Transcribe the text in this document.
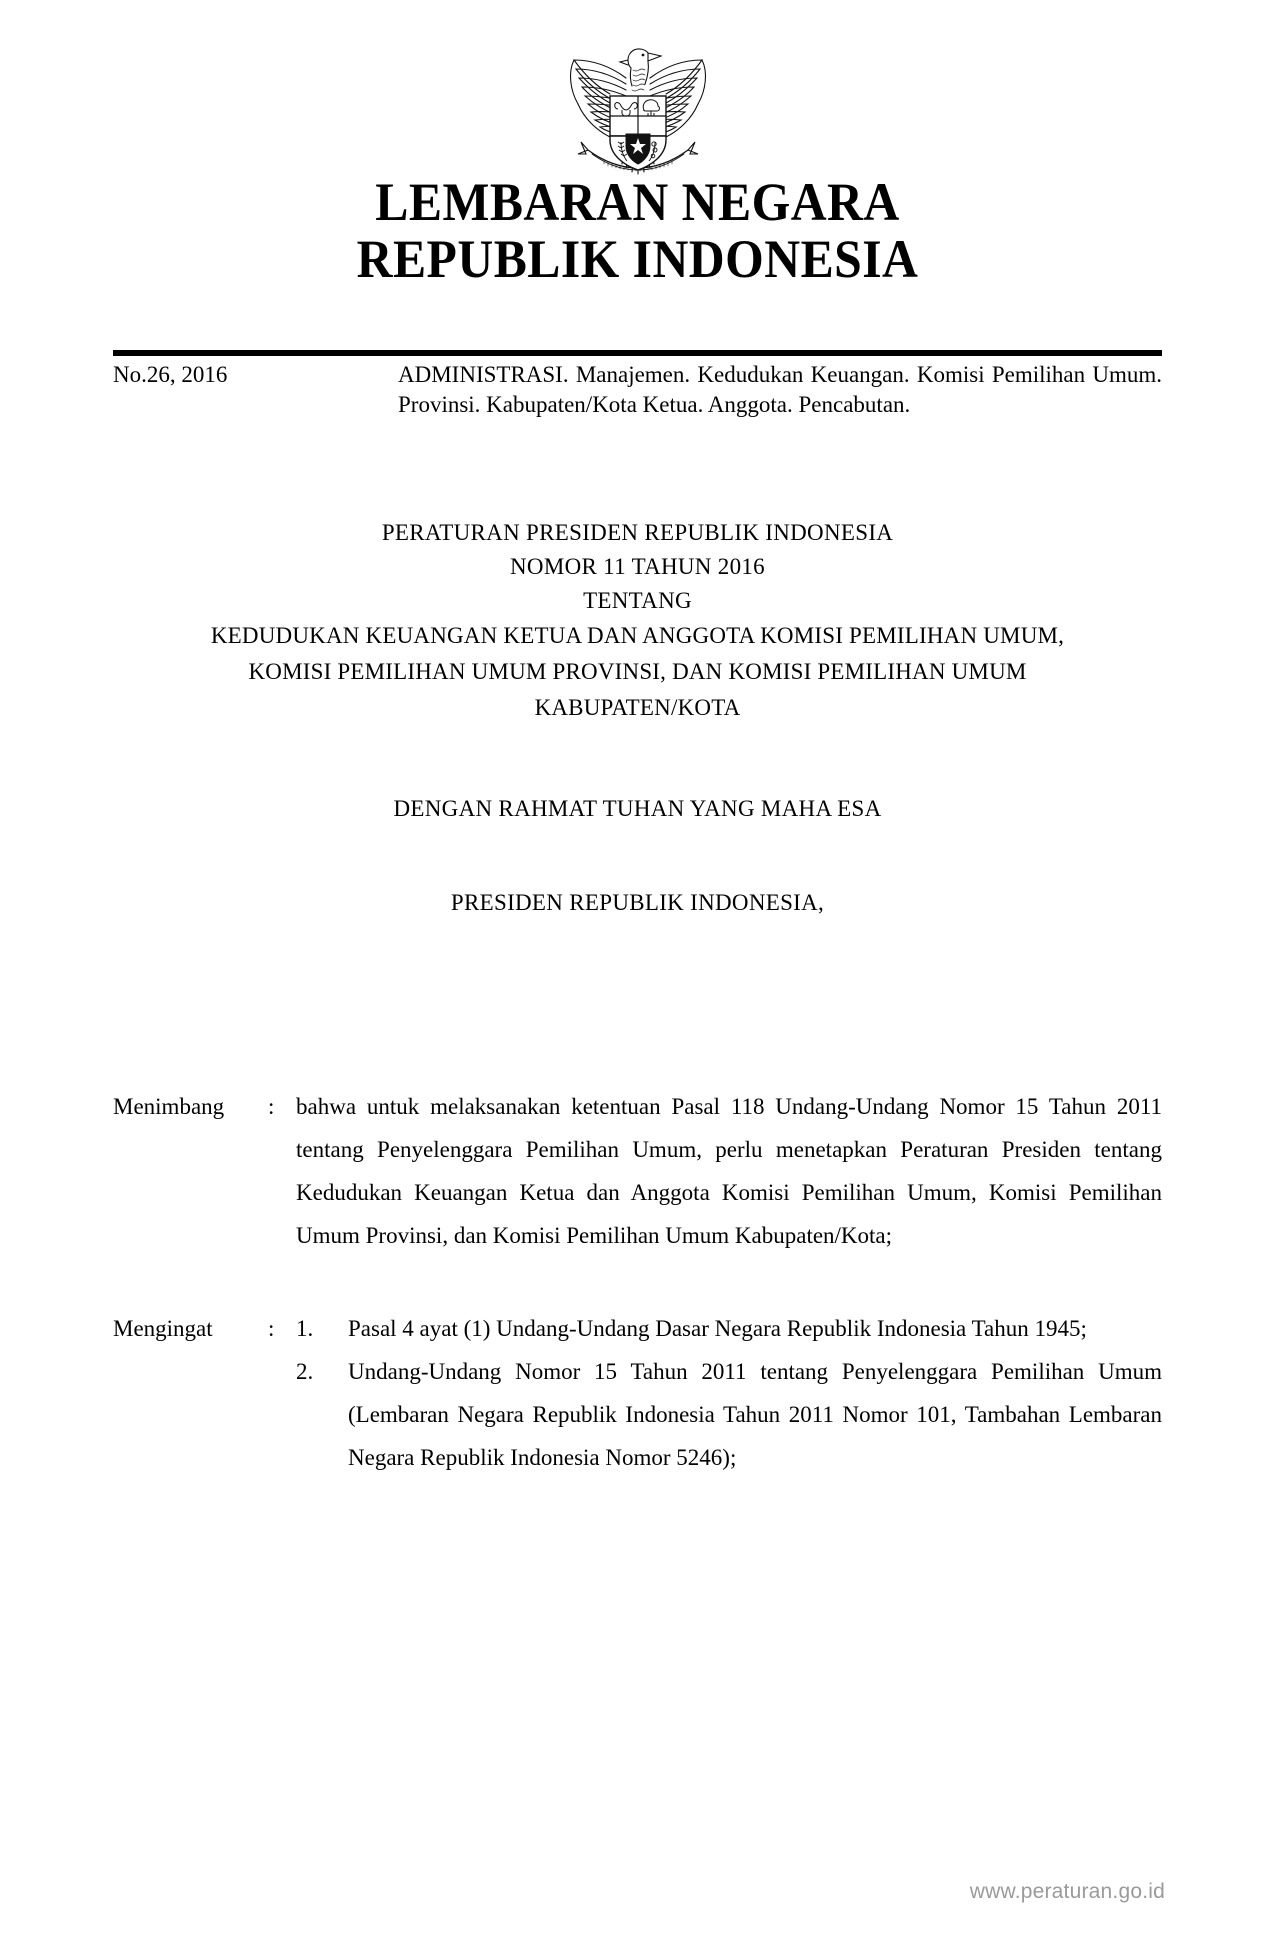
LEMBARAN NEGARA
REPUBLIK INDONESIA
No.26, 2016	ADMINISTRASI. Manajemen. Kedudukan Keuangan. Komisi Pemilihan Umum. Provinsi. Kabupaten/Kota Ketua. Anggota. Pencabutan.
PERATURAN PRESIDEN REPUBLIK INDONESIA
NOMOR 11 TAHUN 2016
TENTANG
KEDUDUKAN KEUANGAN KETUA DAN ANGGOTA KOMISI PEMILIHAN UMUM,
KOMISI PEMILIHAN UMUM PROVINSI, DAN KOMISI PEMILIHAN UMUM
KABUPATEN/KOTA
DENGAN RAHMAT TUHAN YANG MAHA ESA
PRESIDEN REPUBLIK INDONESIA,
Menimbang	: bahwa untuk melaksanakan ketentuan Pasal 118 Undang-Undang Nomor 15 Tahun 2011 tentang Penyelenggara Pemilihan Umum, perlu menetapkan Peraturan Presiden tentang Kedudukan Keuangan Ketua dan Anggota Komisi Pemilihan Umum, Komisi Pemilihan Umum Provinsi, dan Komisi Pemilihan Umum Kabupaten/Kota;
Mengingat	: 1.	Pasal 4 ayat (1) Undang-Undang Dasar Negara Republik Indonesia Tahun 1945;
2.	Undang-Undang Nomor 15 Tahun 2011 tentang Penyelenggara Pemilihan Umum (Lembaran Negara Republik Indonesia Tahun 2011 Nomor 101, Tambahan Lembaran Negara Republik Indonesia Nomor 5246);
www.peraturan.go.id
